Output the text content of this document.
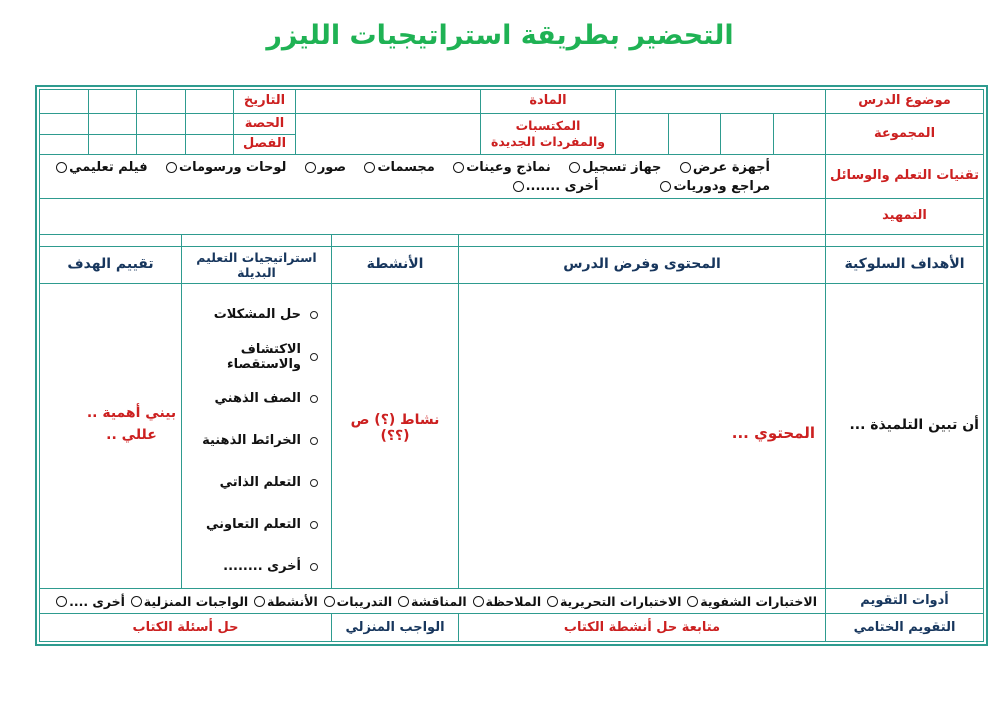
التحضير بطريقة استراتيجيات الليزر
موضوع الدرس
المجموعة
المادة
المكتسبات والمفردات الجديدة
التاريخ
الحصة
الفصل
تقنيات التعلم والوسائل
أجهزة عرض
جهاز تسجيل
نماذج وعينات
مجسمات
صور
لوحات ورسومات
فيلم تعليمي
مراجع ودوريات
أخرى .......
التمهيد
الأهداف السلوكية
المحتوى وفرض الدرس
الأنشطة
استراتيجيات التعليم البديلة
تقييم الهدف
أن تبين التلميذة ...
المحتوي ...
نشاط (؟) ص (؟؟)
حل المشكلات
الاكتشاف والاستقصاء
الصف الذهني
الخرائط الذهنية
التعلم الذاتي
التعلم التعاوني
أخرى ........
بيني أهمية ..
عللي ..
أدوات التقويم
الاختبارات الشفوية
الاختبارات التحريرية
الملاحظة
المناقشة
التدريبات
الأنشطة
الواجبات المنزلية
أخرى ....
التقويم الختامي
متابعة حل أنشطة الكتاب
الواجب المنزلي
حل أسئلة الكتاب
